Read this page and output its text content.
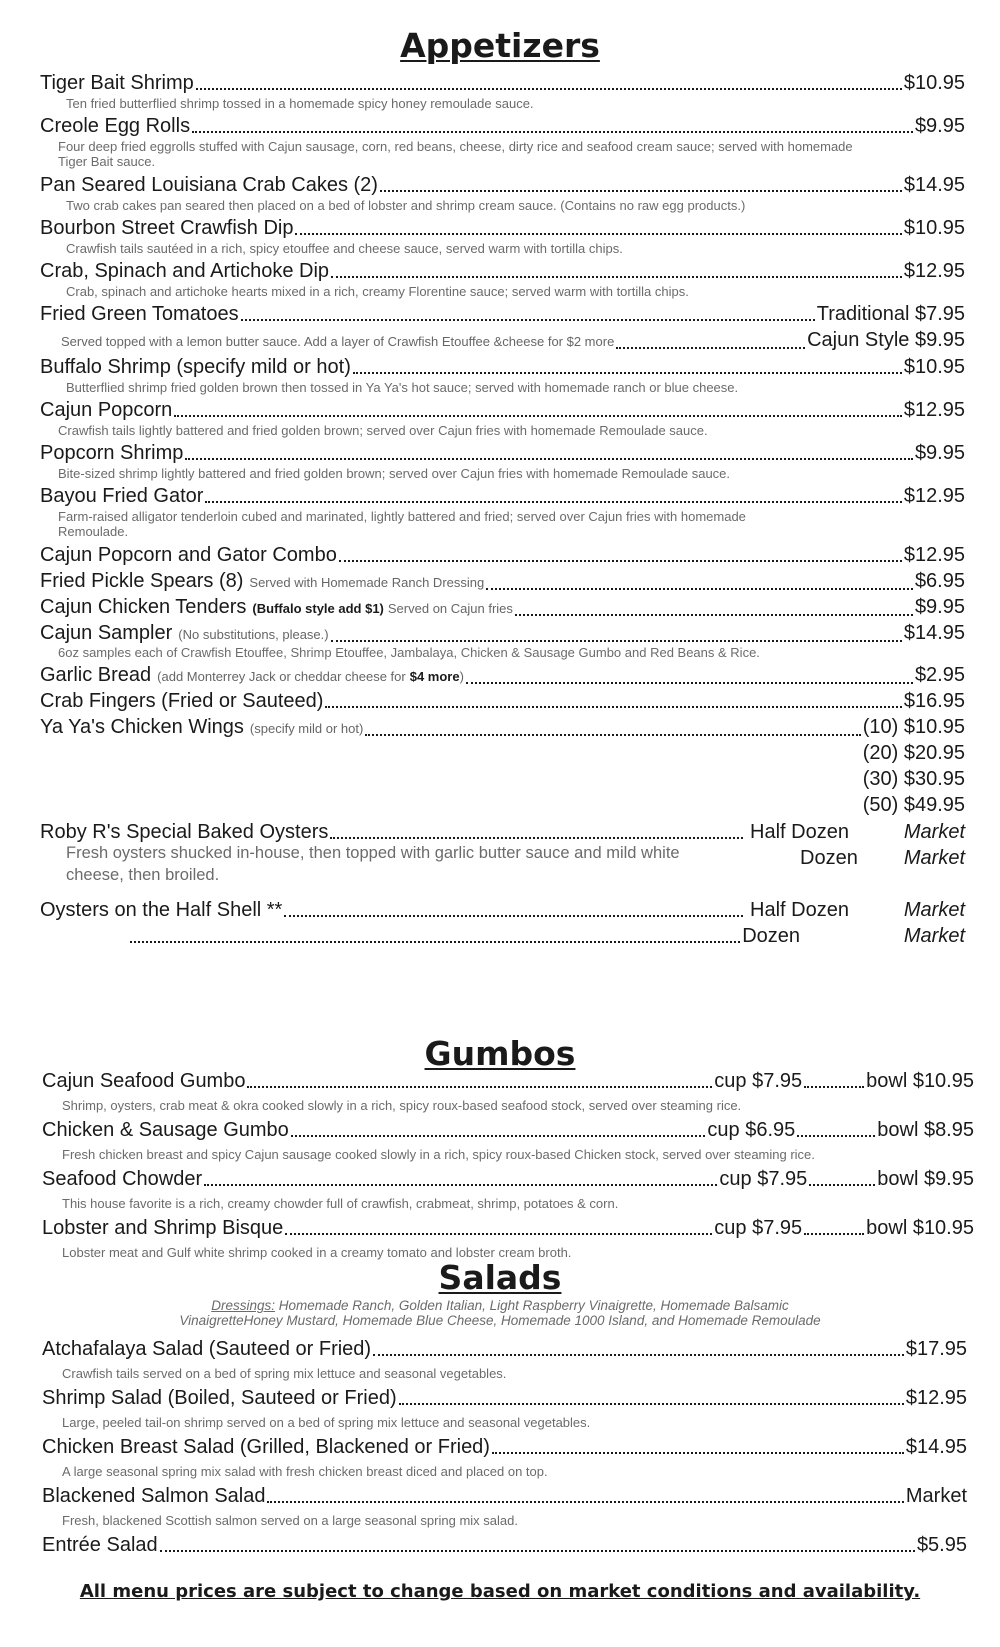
Appetizers
Tiger Bait Shrimp	$10.95
Ten fried butterflied shrimp tossed in a homemade spicy honey remoulade sauce.
Creole Egg Rolls	$9.95
Four deep fried eggrolls stuffed with Cajun sausage, corn, red beans, cheese, dirty rice and seafood cream sauce; served with homemade Tiger Bait sauce.
Pan Seared Louisiana Crab Cakes (2)	$14.95
Two crab cakes pan seared then placed on a bed of lobster and shrimp cream sauce. (Contains no raw egg products.)
Bourbon Street Crawfish Dip	$10.95
Crawfish tails sautéed in a rich, spicy etouffee and cheese sauce, served warm with tortilla chips.
Crab, Spinach and Artichoke Dip	$12.95
Crab, spinach and artichoke hearts mixed in a rich, creamy Florentine sauce; served warm with tortilla chips.
Fried Green Tomatoes	Traditional $7.95
Served topped with a lemon butter sauce. Add a layer of Crawfish Etouffee &cheese for $2 more	Cajun Style $9.95
Buffalo Shrimp (specify mild or hot)	$10.95
Butterflied shrimp fried golden brown then tossed in Ya Ya's hot sauce; served with homemade ranch or blue cheese.
Cajun Popcorn	$12.95
Crawfish tails lightly battered and fried golden brown; served over Cajun fries with homemade Remoulade sauce.
Popcorn Shrimp	$9.95
Bite-sized shrimp lightly battered and fried golden brown; served over Cajun fries with homemade Remoulade sauce.
Bayou Fried Gator	$12.95
Farm-raised alligator tenderloin cubed and marinated, lightly battered and fried; served over Cajun fries with homemade Remoulade.
Cajun Popcorn and Gator Combo	$12.95
Fried Pickle Spears (8) Served with Homemade Ranch Dressing	$6.95
Cajun Chicken Tenders (Buffalo style add $1) Served on Cajun fries	$9.95
Cajun Sampler (No substitutions, please.)	$14.95
6oz samples each of Crawfish Etouffee, Shrimp Etouffee, Jambalaya, Chicken & Sausage Gumbo and Red Beans & Rice.
Garlic Bread (add Monterrey Jack or cheddar cheese for $4 more )	$2.95
Crab Fingers (Fried or Sauteed)	$16.95
Ya Ya's Chicken Wings (specify mild or hot)	(10) $10.95
(20) $20.95
(30) $30.95
(50) $49.95
Roby R's Special Baked Oysters	Half Dozen	Market
Dozen Market
Fresh oysters shucked in-house, then topped with garlic butter sauce and mild white cheese, then broiled.
Oysters on the Half Shell **	Half Dozen	Market
Dozen	Market
Gumbos
Cajun Seafood Gumbo	cup $7.95	bowl $10.95
Shrimp, oysters, crab meat & okra cooked slowly in a rich, spicy roux-based seafood stock, served over steaming rice.
Chicken & Sausage Gumbo	cup $6.95	bowl $8.95
Fresh chicken breast and spicy Cajun sausage cooked slowly in a rich, spicy roux-based Chicken stock, served over steaming rice.
Seafood Chowder	cup $7.95	bowl $9.95
This house favorite is a rich, creamy chowder full of crawfish, crabmeat, shrimp, potatoes & corn.
Lobster and Shrimp Bisque	cup $7.95	bowl $10.95
Lobster meat and Gulf white shrimp cooked in a creamy tomato and lobster cream broth.
Salads
Dressings: Homemade Ranch, Golden Italian, Light Raspberry Vinaigrette, Homemade Balsamic
VinaigretteHoney Mustard, Homemade Blue Cheese, Homemade 1000 Island, and Homemade Remoulade
Atchafalaya Salad (Sauteed or Fried)	$17.95
Crawfish tails served on a bed of spring mix lettuce and seasonal vegetables.
Shrimp Salad (Boiled, Sauteed or Fried)	$12.95
Large, peeled tail-on shrimp served on a bed of spring mix lettuce and seasonal vegetables.
Chicken Breast Salad (Grilled, Blackened or Fried)	$14.95
A large seasonal spring mix salad with fresh chicken breast diced and placed on top.
Blackened Salmon Salad	Market
Fresh, blackened Scottish salmon served on a large seasonal spring mix salad.
Entrée Salad	$5.95
All menu prices are subject to change based on market conditions and availability.
